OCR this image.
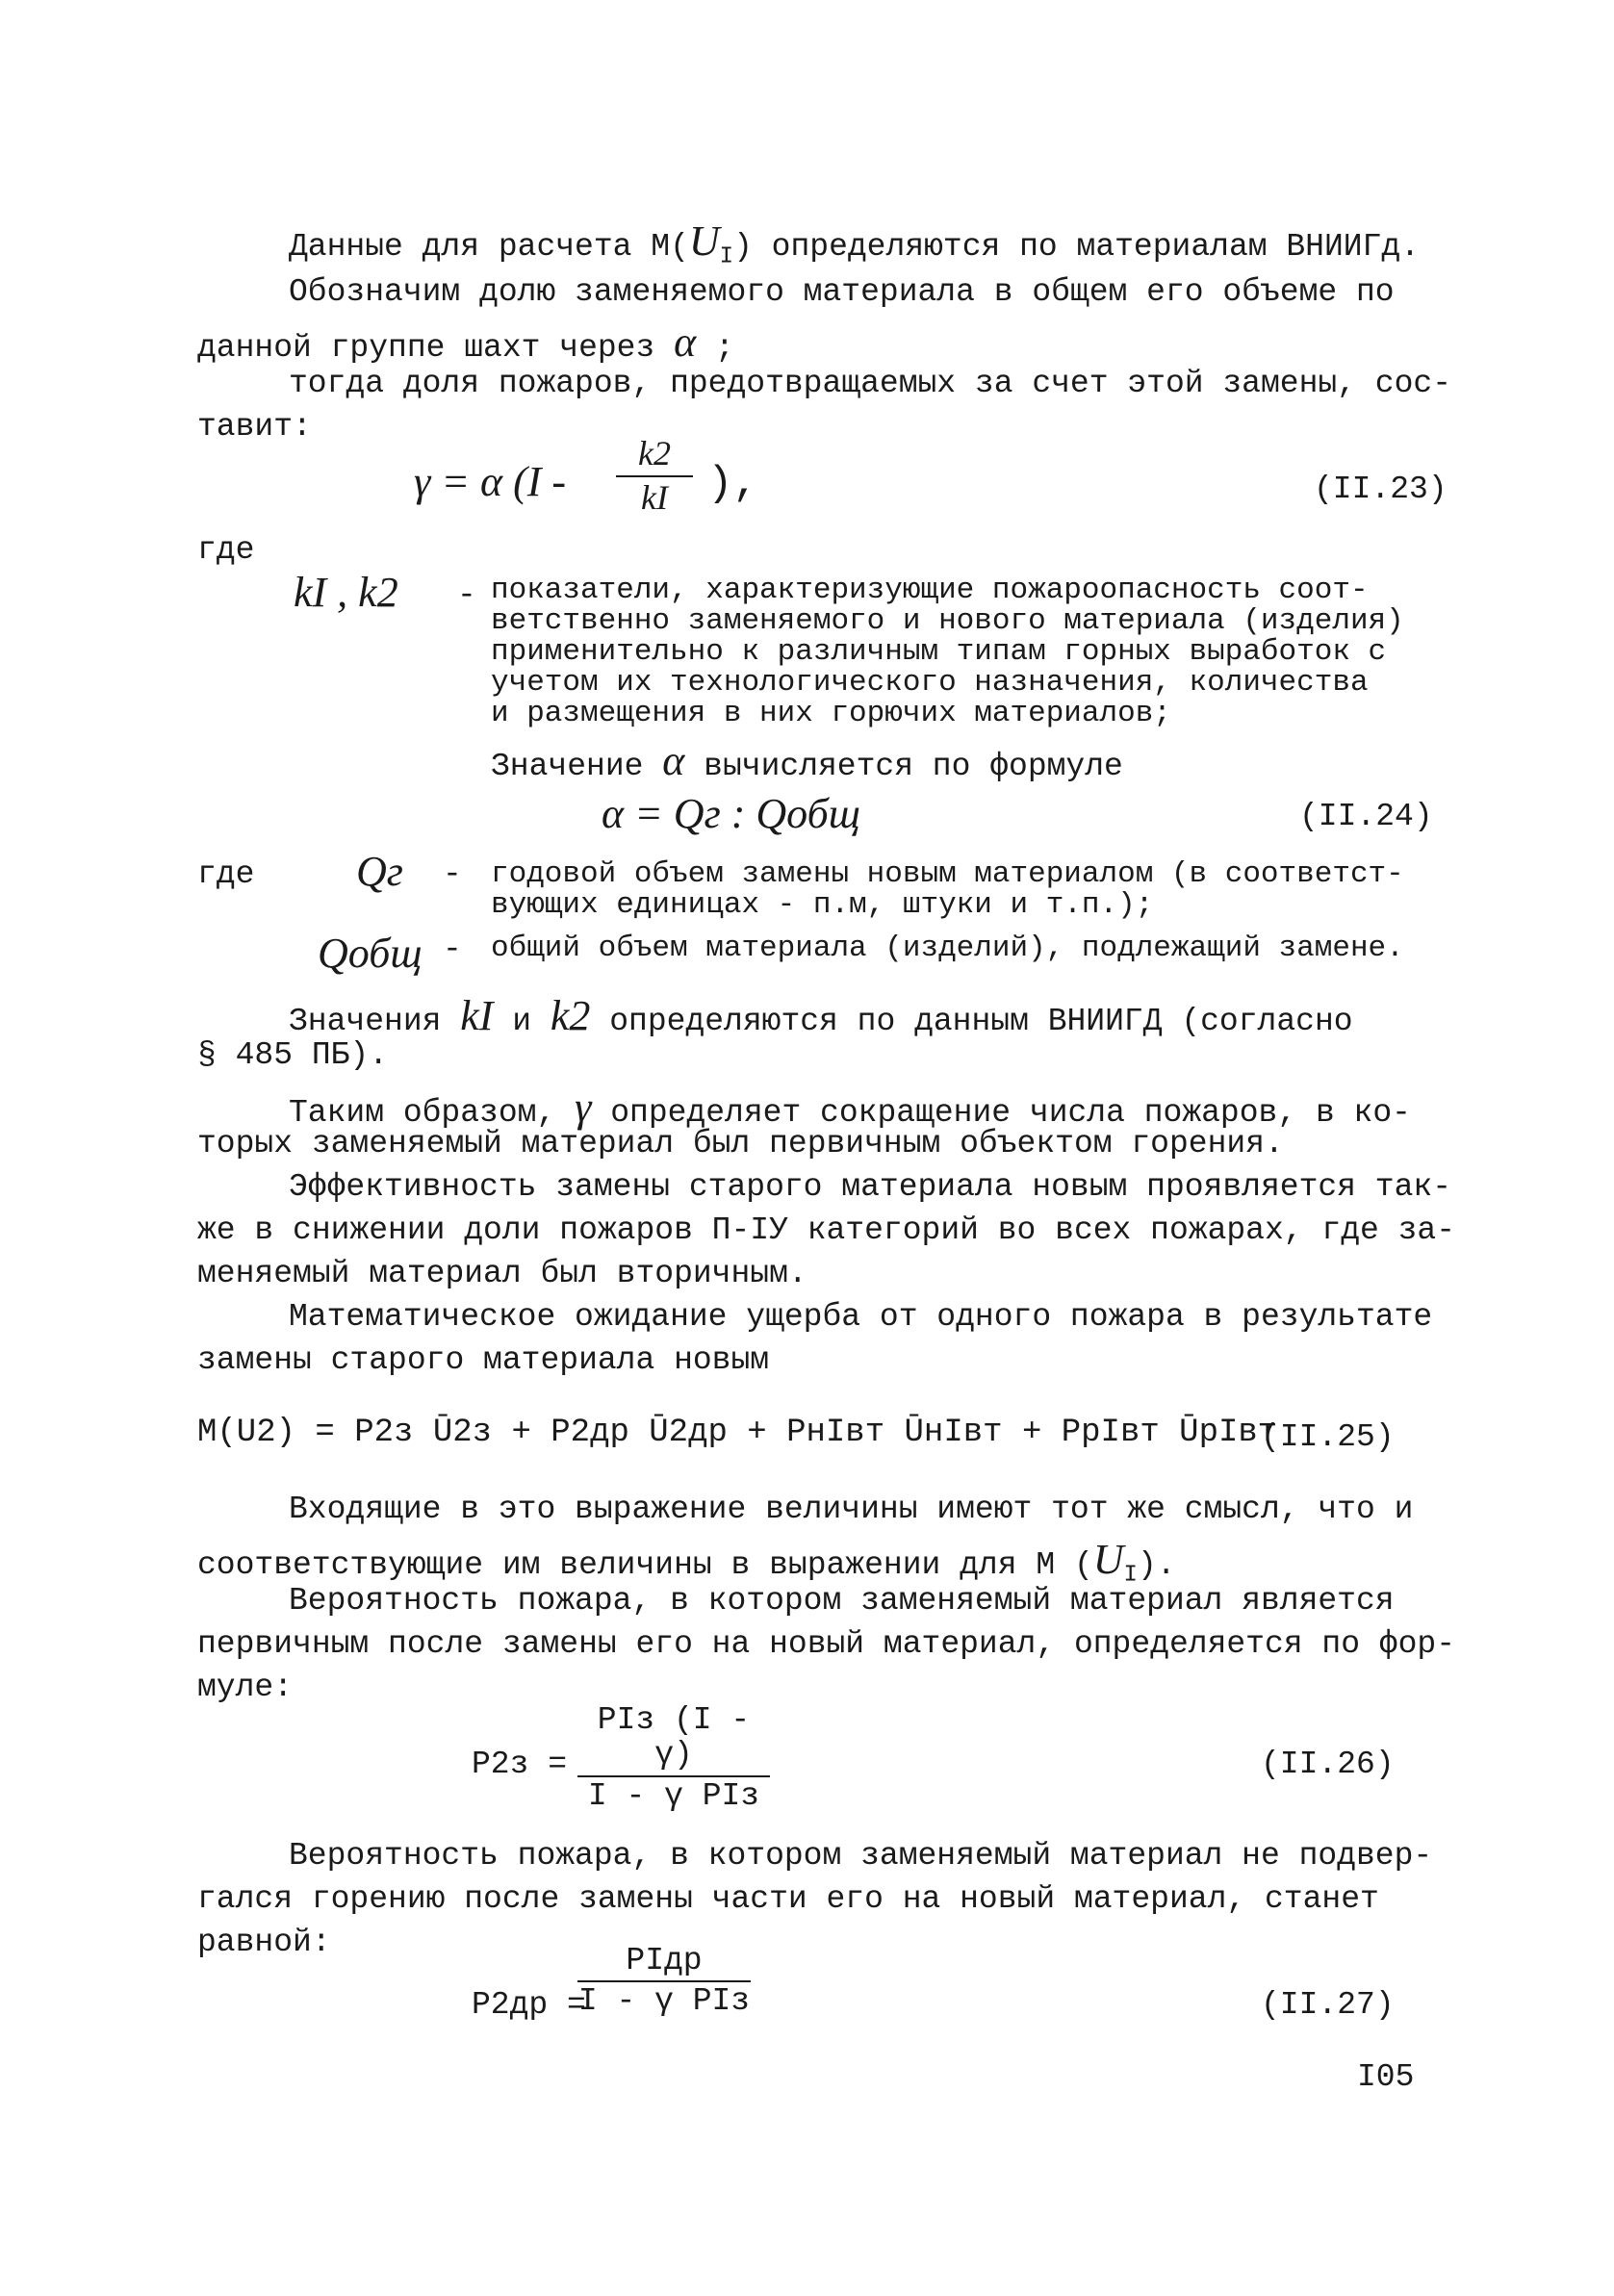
Данные для расчета $М(U_I)$ определяются по материалам ВНИИГд.
Обозначим долю заменяемого материала в общем его объеме по
данной группе шахт через α ;
тогда доля пожаров, предотвращаемых за счет этой замены, сос-
тавит:
γ = α (I -
k2
kI ),	(II.23)
где
kI , k2 - показатели, характеризующие пожароопасность соот-
ветственно заменяемого и нового материала (изделия)
применительно к различным типам горных выработок с
учетом их технологического назначения, количества
и размещения в них горючих материалов;
Значение α вычисляется по формуле
α = Qг : Qобщ	(II.24)
где Qг - годовой объем замены новым материалом (в соответст-
вующих единицах - п.м, штуки и т.п.);
Qобщ - общий объем материала (изделий), подлежащий замене.
Значения kI и k2 определяются по данным ВНИИГД (согласно
§ 485 ПБ).
Таким образом, γ определяет сокращение числа пожаров, в ко-
торых заменяемый материал был первичным объектом горения.
Эффективность замены старого материала новым проявляется так-
же в снижении доли пожаров П-IУ категорий во всех пожарах, где за-
меняемый материал был вторичным.
Математическое ожидание ущерба от одного пожара в результате
замены старого материала новым
М(U2) = P2з Ū2з + P2др Ū2др + PнIвт ŪнIвт + PpIвт ŪpIвт
(II.25)
Входящие в это выражение величины имеют тот же смысл, что и
соответствующие им величины в выражении для М $(U_I)$.
Вероятность пожара, в котором заменяемый материал является
первичным после замены его на новый материал, определяется по фор-
муле:
P2з =
PIз (I - γ)
I - γ PIз
(II.26)
Вероятность пожара, в котором заменяемый материал не подвер-
гался горению после замены части его на новый материал, станет
равной:
P2др =
PIдр
I - γ PIз	(II.27)
I05
